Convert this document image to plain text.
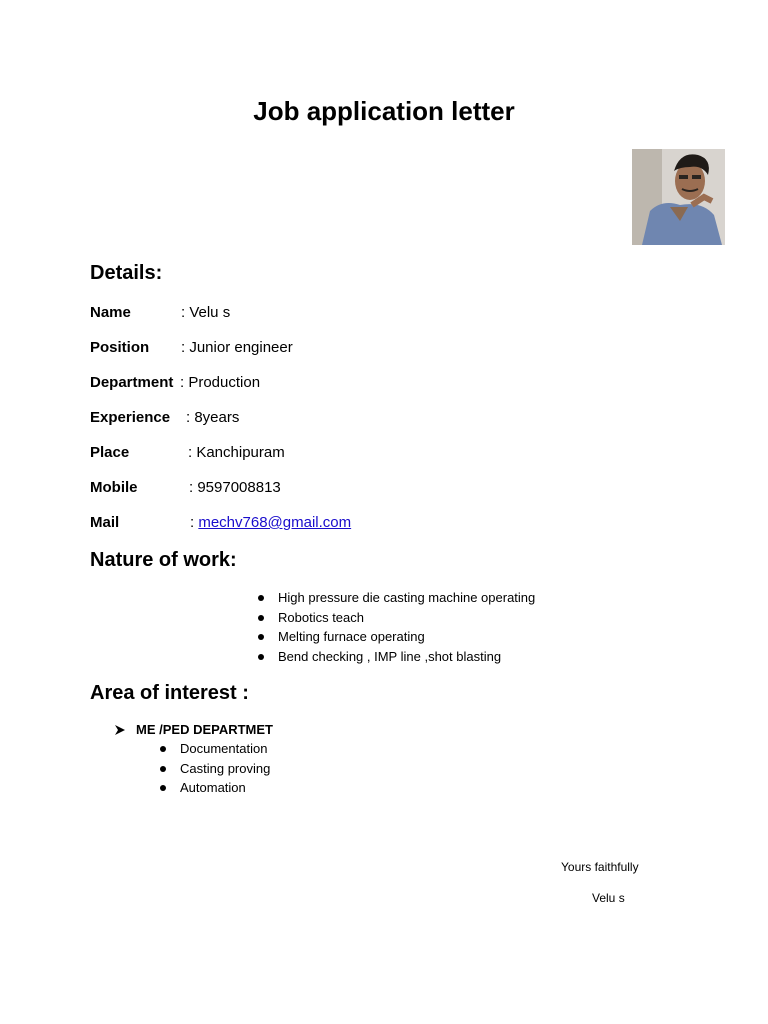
Job application letter
Details:
Name	: Velu s
Position : Junior engineer
Department : Production
Experience : 8years
Place	: Kanchipuram
Mobile	: 9597008813
Mail	: mechv768@gmail.com
Nature of work:
High pressure die casting machine operating
Robotics teach
Melting furnace operating
Bend checking , IMP line ,shot blasting
Area of interest :
ME /PED DEPARTMET
Documentation
Casting proving
Automation
Yours faithfully
Velu s
